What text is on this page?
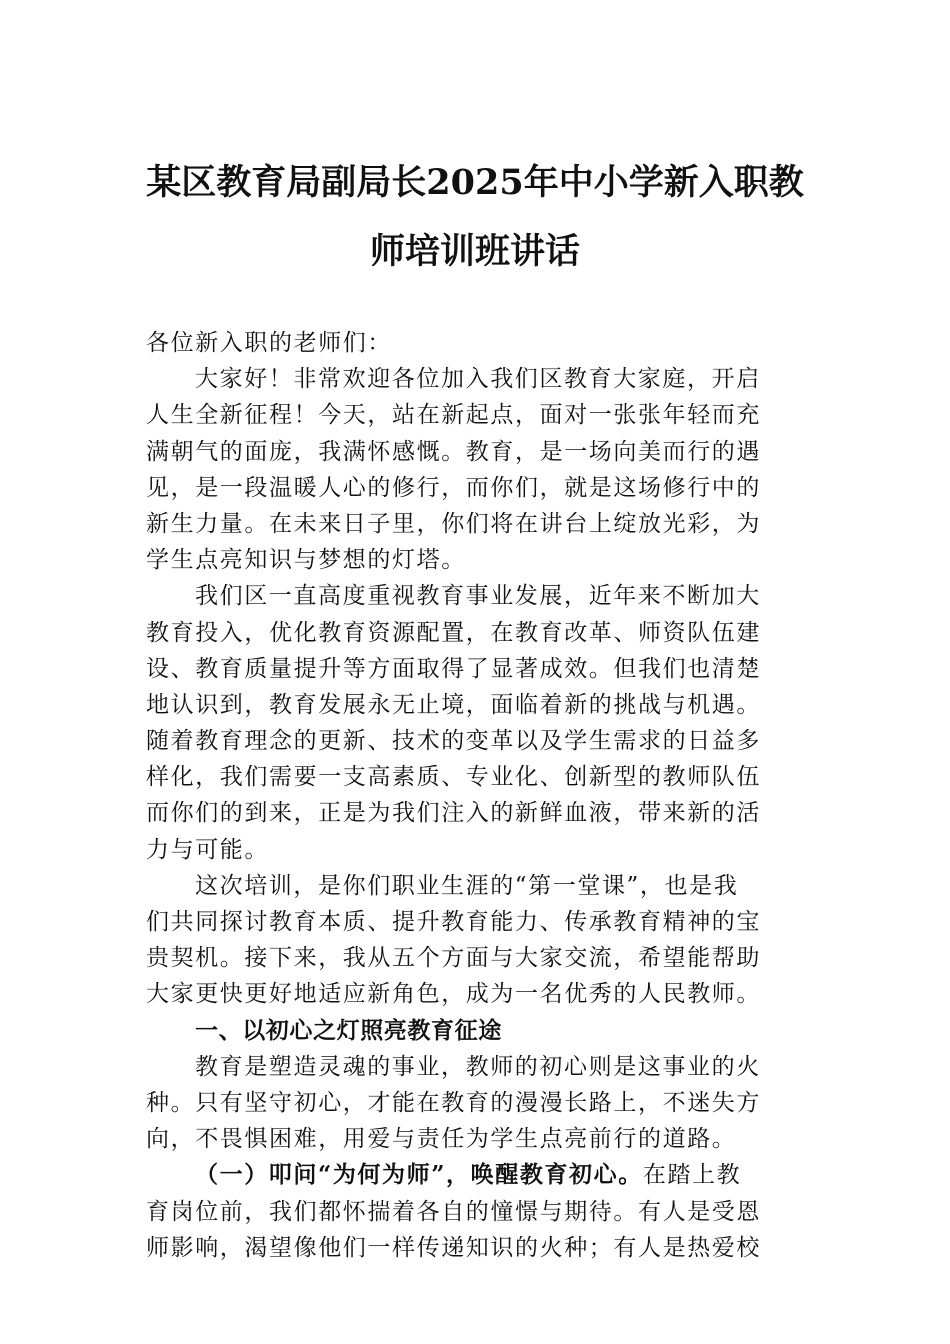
某区教育局副局长2025年中小学新入职教
师培训班讲话
各位新入职的老师们：
大家好！非常欢迎各位加入我们区教育大家庭，开启
人生全新征程！今天，站在新起点，面对一张张年轻而充
满朝气的面庞，我满怀感慨。教育，是一场向美而行的遇
见，是一段温暖人心的修行，而你们，就是这场修行中的
新生力量。在未来日子里，你们将在讲台上绽放光彩，为
学生点亮知识与梦想的灯塔。
我们区一直高度重视教育事业发展，近年来不断加大
教育投入，优化教育资源配置，在教育改革、师资队伍建
设、教育质量提升等方面取得了显著成效。但我们也清楚
地认识到，教育发展永无止境，面临着新的挑战与机遇。
随着教育理念的更新、技术的变革以及学生需求的日益多
样化，我们需要一支高素质、专业化、创新型的教师队伍
而你们的到来，正是为我们注入的新鲜血液，带来新的活
力与可能。
这次培训，是你们职业生涯的“第一堂课”，也是我
们共同探讨教育本质、提升教育能力、传承教育精神的宝
贵契机。接下来，我从五个方面与大家交流，希望能帮助
大家更快更好地适应新角色，成为一名优秀的人民教师。
一、以初心之灯照亮教育征途
教育是塑造灵魂的事业，教师的初心则是这事业的火
种。只有坚守初心，才能在教育的漫漫长路上，不迷失方
向，不畏惧困难，用爱与责任为学生点亮前行的道路。
（一）叩问“为何为师”，唤醒教育初心。在踏上教
育岗位前，我们都怀揣着各自的憧憬与期待。有人是受恩
师影响，渴望像他们一样传递知识的火种；有人是热爱校
